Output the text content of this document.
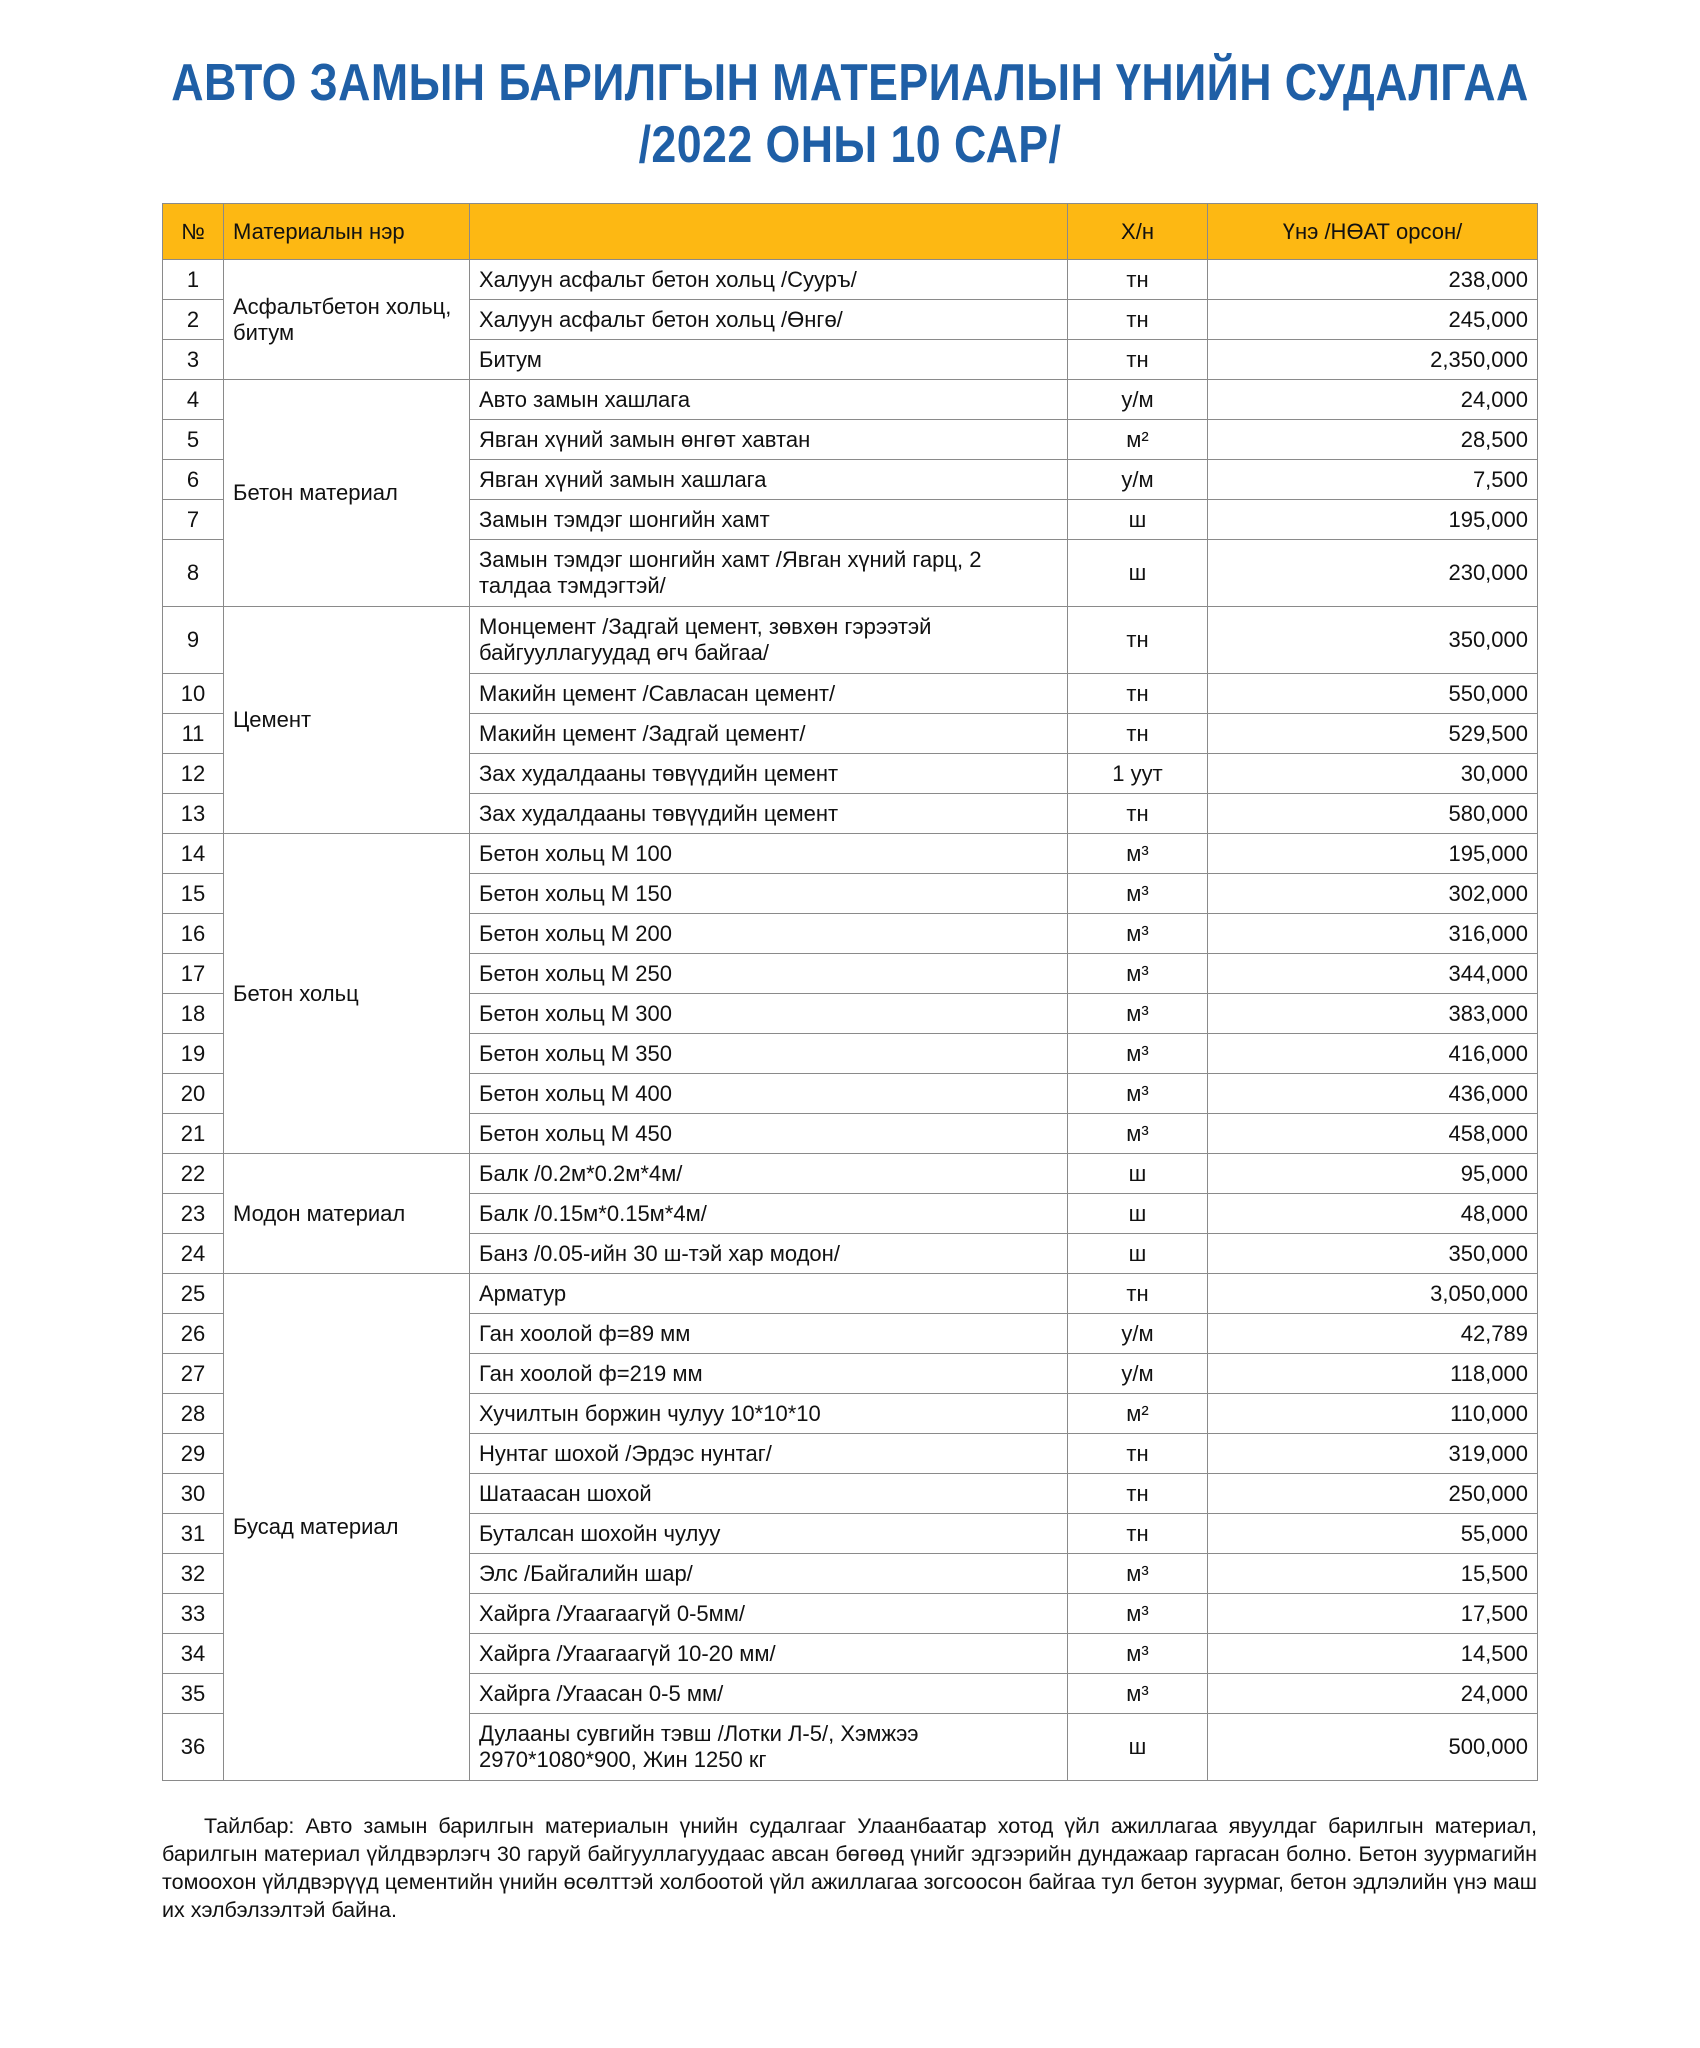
АВТО ЗАМЫН БАРИЛГЫН МАТЕРИАЛЫН ҮНИЙН СУДАЛГАА
/2022 ОНЫ 10 САР/
№	Материалын нэр		Х/н	Үнэ /НӨАТ орсон/
1	Асфальтбетон хольц, битум	Халуун асфальт бетон хольц /Сууръ/	тн	238,000
2		Халуун асфальт бетон хольц /Өнгө/	тн	245,000
3		Битум	тн	2,350,000
4	Бетон материал	Авто замын хашлага	у/м	24,000
5		Явган хүний замын өнгөт хавтан	м²	28,500
6		Явган хүний замын хашлага	у/м	7,500
7		Замын тэмдэг шонгийн хамт	ш	195,000
8		Замын тэмдэг шонгийн хамт /Явган хүний гарц, 2 талдаа тэмдэгтэй/	ш	230,000
9	Цемент	Монцемент /Задгай цемент, зөвхөн гэрээтэй байгууллагуудад өгч байгаа/	тн	350,000
10		Макийн цемент /Савласан цемент/	тн	550,000
11		Макийн цемент /Задгай цемент/	тн	529,500
12		Зах худалдааны төвүүдийн цемент	1 уут	30,000
13		Зах худалдааны төвүүдийн цемент	тн	580,000
14	Бетон хольц	Бетон хольц М 100	м³	195,000
15		Бетон хольц М 150	м³	302,000
16		Бетон хольц М 200	м³	316,000
17		Бетон хольц М 250	м³	344,000
18		Бетон хольц М 300	м³	383,000
19		Бетон хольц М 350	м³	416,000
20		Бетон хольц М 400	м³	436,000
21		Бетон хольц М 450	м³	458,000
22	Модон материал	Балк /0.2м*0.2м*4м/	ш	95,000
23		Балк /0.15м*0.15м*4м/	ш	48,000
24		Банз /0.05-ийн 30 ш-тэй хар модон/	ш	350,000
25	Бусад материал	Арматур	тн	3,050,000
26		Ган хоолой ф=89 мм	у/м	42,789
27		Ган хоолой ф=219 мм	у/м	118,000
28		Хучилтын боржин чулуу 10*10*10	м²	110,000
29		Нунтаг шохой /Эрдэс нунтаг/	тн	319,000
30		Шатаасан шохой	тн	250,000
31		Буталсан шохойн чулуу	тн	55,000
32		Элс /Байгалийн шар/	м³	15,500
33		Хайрга /Угаагаагүй 0-5мм/	м³	17,500
34		Хайрга /Угаагаагүй 10-20 мм/	м³	14,500
35		Хайрга /Угаасан 0-5 мм/	м³	24,000
36		Дулааны сувгийн тэвш /Лотки Л-5/, Хэмжээ 2970*1080*900, Жин 1250 кг	ш	500,000

Тайлбар: Авто замын барилгын материалын үнийн судалгааг Улаанбаатар хотод үйл ажиллагаа явуулдаг барилгын материал, барилгын материал үйлдвэрлэгч 30 гаруй байгууллагуудаас авсан бөгөөд үнийг эдгээрийн дундажаар гаргасан болно. Бетон зуурмагийн томоохон үйлдвэрүүд цементийн үнийн өсөлттэй холбоотой үйл ажиллагаа зогсоосон байгаа тул бетон зуурмаг, бетон эдлэлийн үнэ маш их хэлбэлзэлтэй байна.
